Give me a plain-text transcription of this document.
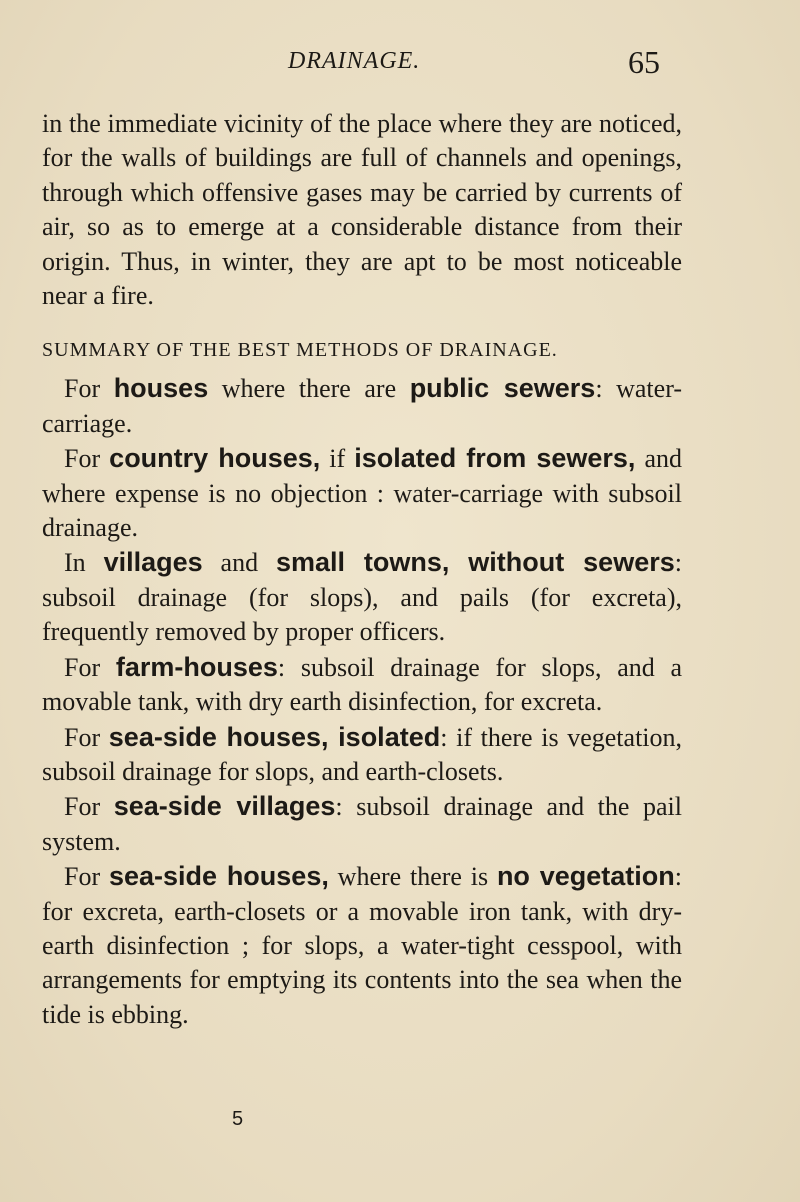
DRAINAGE.	65

in the immediate vicinity of the place where they are noticed, for the walls of buildings are full of channels and openings, through which offensive gases may be carried by currents of air, so as to emerge at a considerable distance from their origin. Thus, in winter, they are apt to be most noticeable near a fire.

SUMMARY OF THE BEST METHODS OF DRAINAGE.

For houses where there are public sewers: water-carriage.

For country houses, if isolated from sewers, and where expense is no objection : water-carriage with subsoil drainage.

In villages and small towns, without sewers: subsoil drainage (for slops), and pails (for excreta), frequently removed by proper officers.

For farm-houses: subsoil drainage for slops, and a movable tank, with dry earth disinfection, for excreta.

For sea-side houses, isolated: if there is vegetation, subsoil drainage for slops, and earth-closets.

For sea-side villages: subsoil drainage and the pail system.

For sea-side houses, where there is no vegetation: for excreta, earth-closets or a movable iron tank, with dry-earth disinfection ; for slops, a water-tight cesspool, with arrangements for emptying its contents into the sea when the tide is ebbing.

5
